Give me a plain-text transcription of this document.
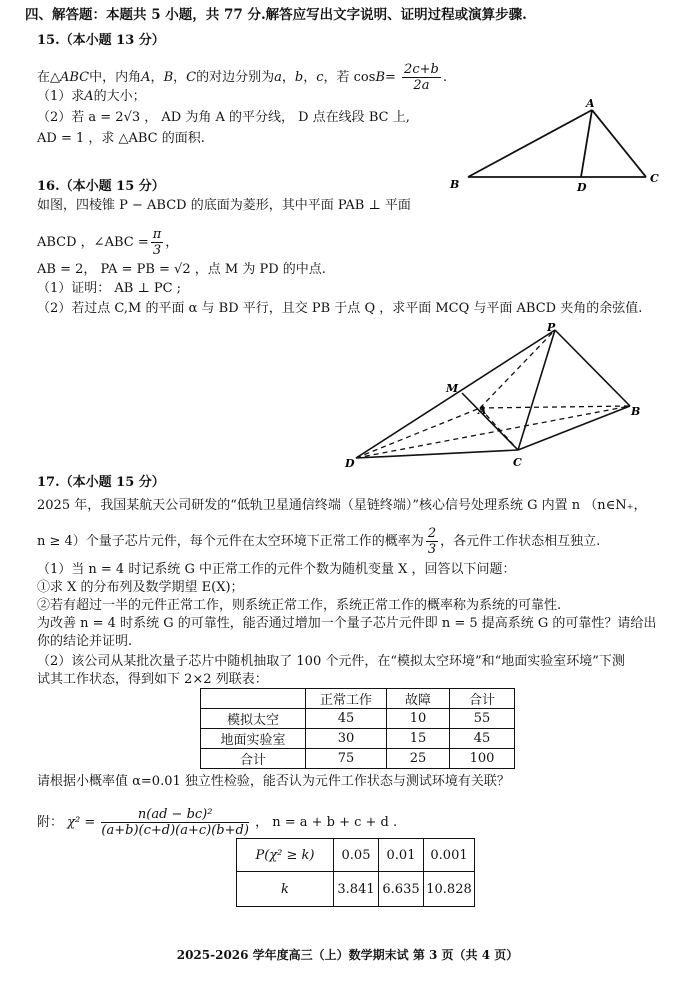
四、解答题：本题共 5 小题，共 77 分.解答应写出文字说明、证明过程或演算步骤.
15.（本小题 13 分）
在△ABC中，内角A，B，C的对边分别为a，b，c，若 $\cos B= \frac{2c+b}{2a}$ .
（1）求A的大小；
（2）若 a = 2√3 ， AD 为角 A 的平分线， D 点在线段 BC 上,
AD = 1 ，求 △ABC 的面积.
A
B	C
D
16.（本小题 15 分）
如图，四棱锥 P − ABCD 的底面为菱形，其中平面 PAB ⊥ 平面
ABCD ，∠ABC = $\frac{\pi}{3}$ ，
AB = 2， PA = PB = √2 ，点 M 为 PD 的中点.
（1）证明： AB ⊥ PC ;
（2）若过点 C,M 的平面 α 与 BD 平行，且交 PB 于点 Q ，求平面 MCQ 与平面 ABCD 夹角的余弦值.
P
M
A	B
C
D
17.（本小题 15 分）
2025 年，我国某航天公司研发的“低轨卫星通信终端（星链终端）”核心信号处理系统 G 内置 n （n∈N₊，
n ≥ 4）个量子芯片元件，每个元件在太空环境下正常工作的概率为 $\frac{2}{3}$ ，各元件工作状态相互独立.
（1）当 n = 4 时记系统 G 中正常工作的元件个数为随机变量 X ，回答以下问题：
①求 X 的分布列及数学期望 E(X)；
②若有超过一半的元件正常工作，则系统正常工作，系统正常工作的概率称为系统的可靠性.
为改善 n = 4 时系统 G 的可靠性，能否通过增加一个量子芯片元件即 n = 5 提高系统 G 的可靠性？请给出
你的结论并证明.
（2）该公司从某批次量子芯片中随机抽取了 100 个元件，在“模拟太空环境”和“地面实验室环境”下测
试其工作状态，得到如下 2×2 列联表：
	正常工作	故障	合计
模拟太空	45	10	55
地面实验室	30	15	45
合计	75	25	100
请根据小概率值 α=0.01 独立性检验，能否认为元件工作状态与测试环境有关联？
附： $\chi^2 = \frac{\text{n(ad − bc)²}}{(a+b)(c+d)(a+c)(b+d)}$ ， n = a + b + c + d .
P(χ² ≥ k)	0.05	0.01	0.001
k	3.841	6.635	10.828
2025-2026 学年度高三（上）数学期末试 第 3 页（共 4 页）
